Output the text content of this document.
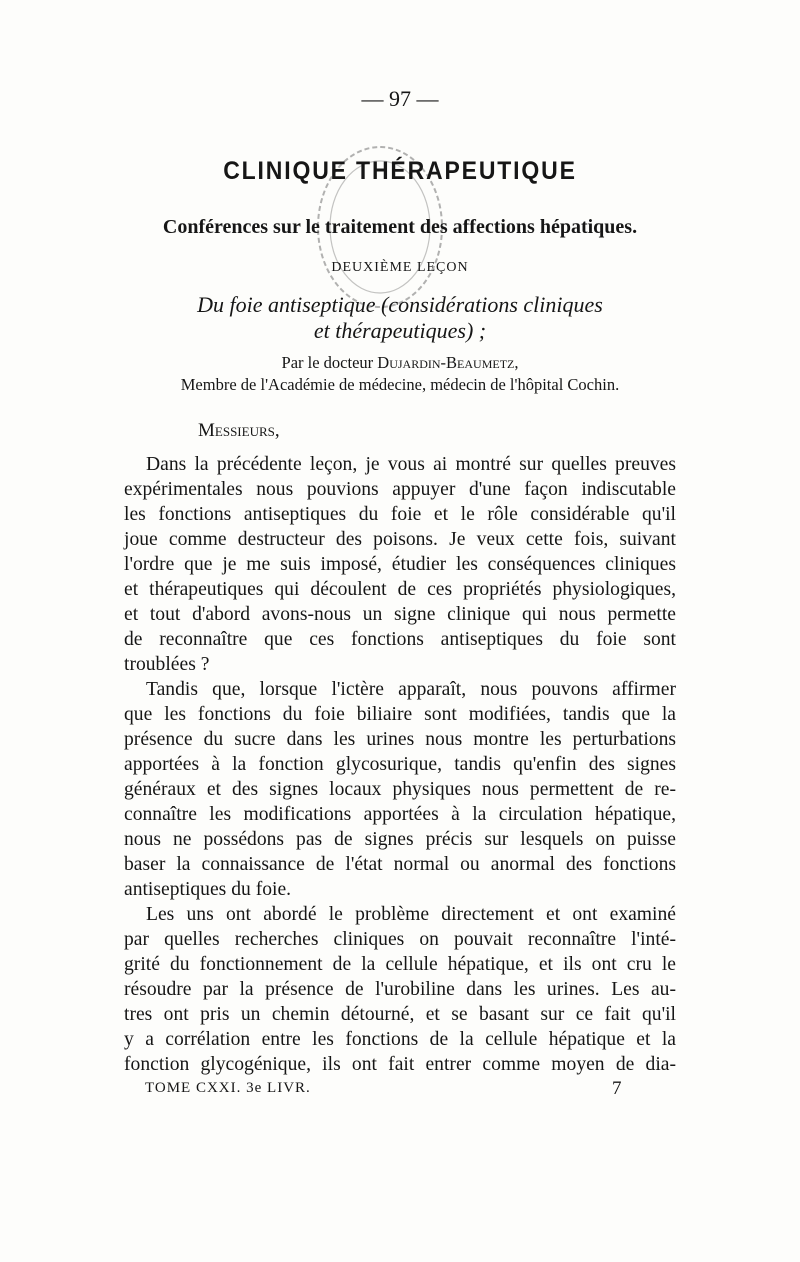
— 97 —
CLINIQUE THÉRAPEUTIQUE
Conférences sur le traitement des affections hépatiques.
DEUXIÈME LEÇON
Du foie antiseptique (considérations cliniques
et thérapeutiques) ;
Par le docteur Dujardin-Beaumetz,
Membre de l'Académie de médecine, médecin de l'hôpital Cochin.
Messieurs,
Dans la précédente leçon, je vous ai montré sur quelles preuves
expérimentales nous pouvions appuyer d'une façon indiscutable
les fonctions antiseptiques du foie et le rôle considérable qu'il
joue comme destructeur des poisons. Je veux cette fois, suivant
l'ordre que je me suis imposé, étudier les conséquences cliniques
et thérapeutiques qui découlent de ces propriétés physiologiques,
et tout d'abord avons-nous un signe clinique qui nous permette
de reconnaître que ces fonctions antiseptiques du foie sont
troublées ?
Tandis que, lorsque l'ictère apparaît, nous pouvons affirmer
que les fonctions du foie biliaire sont modifiées, tandis que la
présence du sucre dans les urines nous montre les perturbations
apportées à la fonction glycosurique, tandis qu'enfin des signes
généraux et des signes locaux physiques nous permettent de re-
connaître les modifications apportées à la circulation hépatique,
nous ne possédons pas de signes précis sur lesquels on puisse
baser la connaissance de l'état normal ou anormal des fonctions
antiseptiques du foie.
Les uns ont abordé le problème directement et ont examiné
par quelles recherches cliniques on pouvait reconnaître l'inté-
grité du fonctionnement de la cellule hépatique, et ils ont cru le
résoudre par la présence de l'urobiline dans les urines. Les au-
tres ont pris un chemin détourné, et se basant sur ce fait qu'il
y a corrélation entre les fonctions de la cellule hépatique et la
fonction glycogénique, ils ont fait entrer comme moyen de dia-
TOME CXXI. 3e LIVR.	7
